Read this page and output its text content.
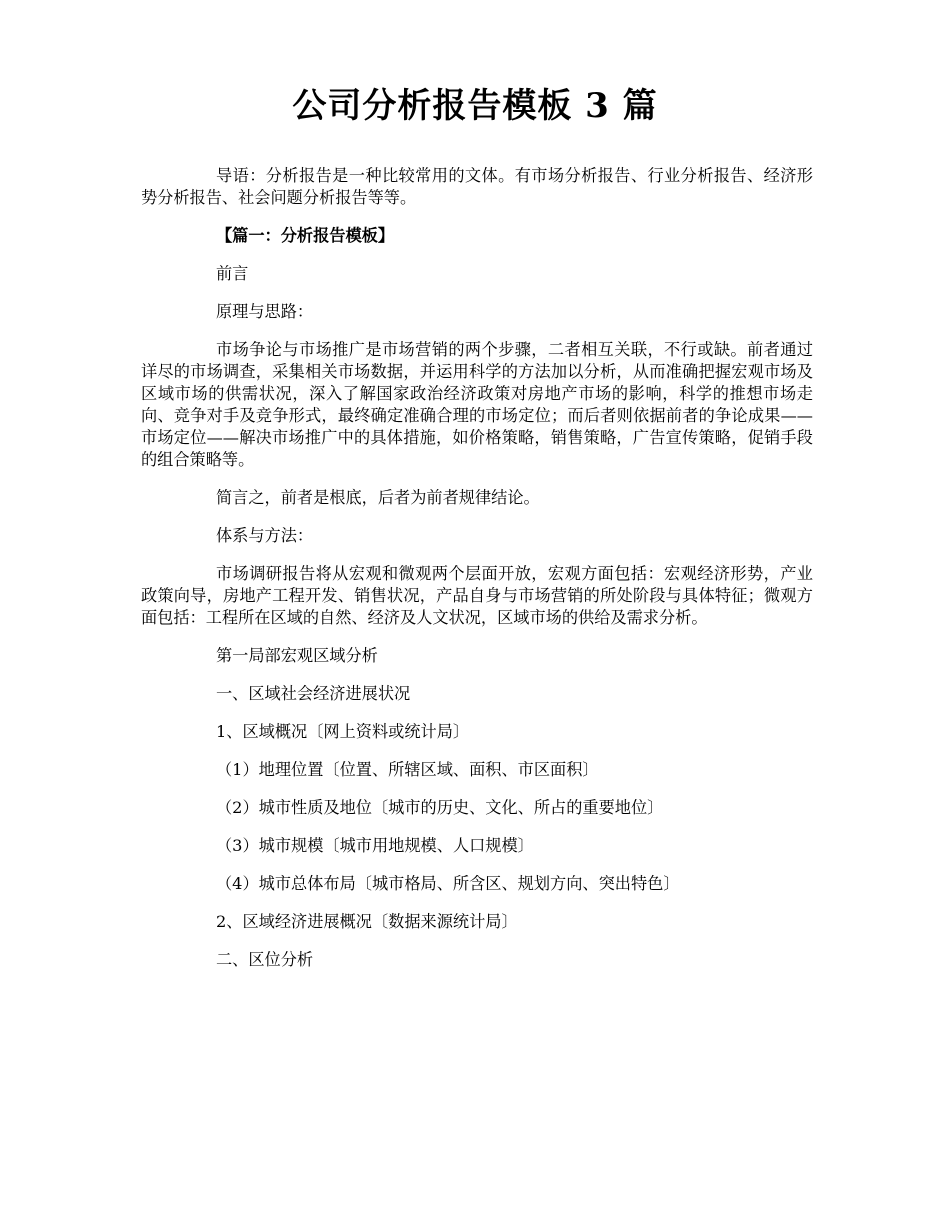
公司分析报告模板 3 篇

导语：分析报告是一种比较常用的文体。有市场分析报告、行业分析报告、经济形势分析报告、社会问题分析报告等等。

【篇一：分析报告模板】

前言

原理与思路：

市场争论与市场推广是市场营销的两个步骤，二者相互关联，不行或缺。前者通过详尽的市场调查，采集相关市场数据，并运用科学的方法加以分析，从而准确把握宏观市场及区域市场的供需状况，深入了解国家政治经济政策对房地产市场的影响，科学的推想市场走向、竞争对手及竞争形式，最终确定准确合理的市场定位；而后者则依据前者的争论成果——市场定位——解决市场推广中的具体措施，如价格策略，销售策略，广告宣传策略，促销手段的组合策略等。

简言之，前者是根底，后者为前者规律结论。

体系与方法：

市场调研报告将从宏观和微观两个层面开放，宏观方面包括：宏观经济形势，产业政策向导，房地产工程开发、销售状况，产品自身与市场营销的所处阶段与具体特征；微观方面包括：工程所在区域的自然、经济及人文状况，区域市场的供给及需求分析。

第一局部宏观区域分析

一、区域社会经济进展状况

1、区域概况〔网上资料或统计局〕

（1）地理位置〔位置、所辖区域、面积、市区面积〕

（2）城市性质及地位〔城市的历史、文化、所占的重要地位〕

（3）城市规模〔城市用地规模、人口规模〕

（4）城市总体布局〔城市格局、所含区、规划方向、突出特色〕

2、区域经济进展概况〔数据来源统计局〕

二、区位分析
